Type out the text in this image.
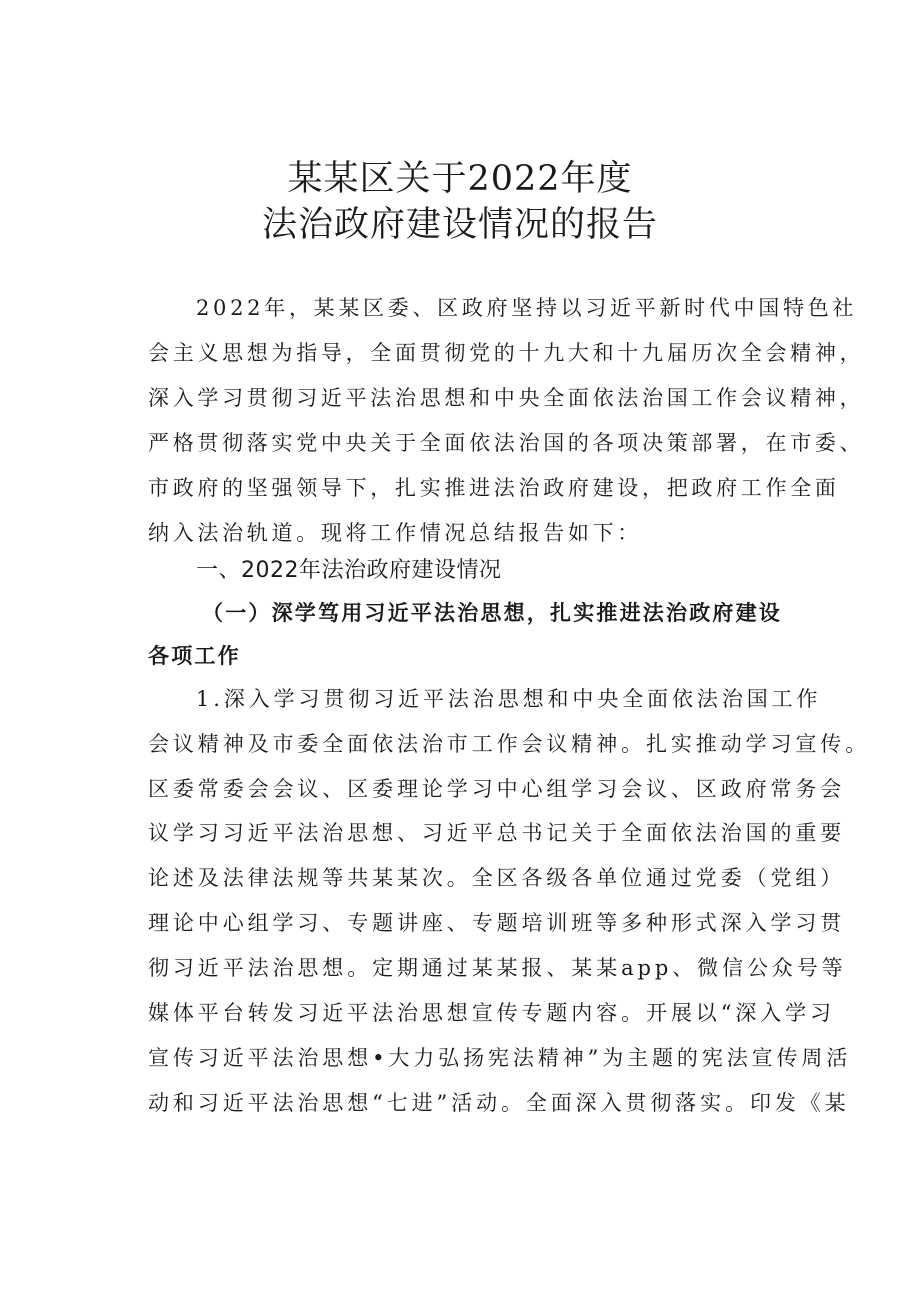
某某区关于2022年度
法治政府建设情况的报告
2022年，某某区委、区政府坚持以习近平新时代中国特色社
会主义思想为指导，全面贯彻党的十九大和十九届历次全会精神，
深入学习贯彻习近平法治思想和中央全面依法治国工作会议精神，
严格贯彻落实党中央关于全面依法治国的各项决策部署，在市委、
市政府的坚强领导下，扎实推进法治政府建设，把政府工作全面
纳入法治轨道。现将工作情况总结报告如下：
一、2022年法治政府建设情况
（一）深学笃用习近平法治思想，扎实推进法治政府建设
各项工作
1.深入学习贯彻习近平法治思想和中央全面依法治国工作
会议精神及市委全面依法治市工作会议精神。扎实推动学习宣传。
区委常委会会议、区委理论学习中心组学习会议、区政府常务会
议学习习近平法治思想、习近平总书记关于全面依法治国的重要
论述及法律法规等共某某次。全区各级各单位通过党委（党组）
理论中心组学习、专题讲座、专题培训班等多种形式深入学习贯
彻习近平法治思想。定期通过某某报、某某app、微信公众号等
媒体平台转发习近平法治思想宣传专题内容。开展以“深入学习
宣传习近平法治思想•大力弘扬宪法精神”为主题的宪法宣传周活
动和习近平法治思想“七进”活动。全面深入贯彻落实。印发《某
